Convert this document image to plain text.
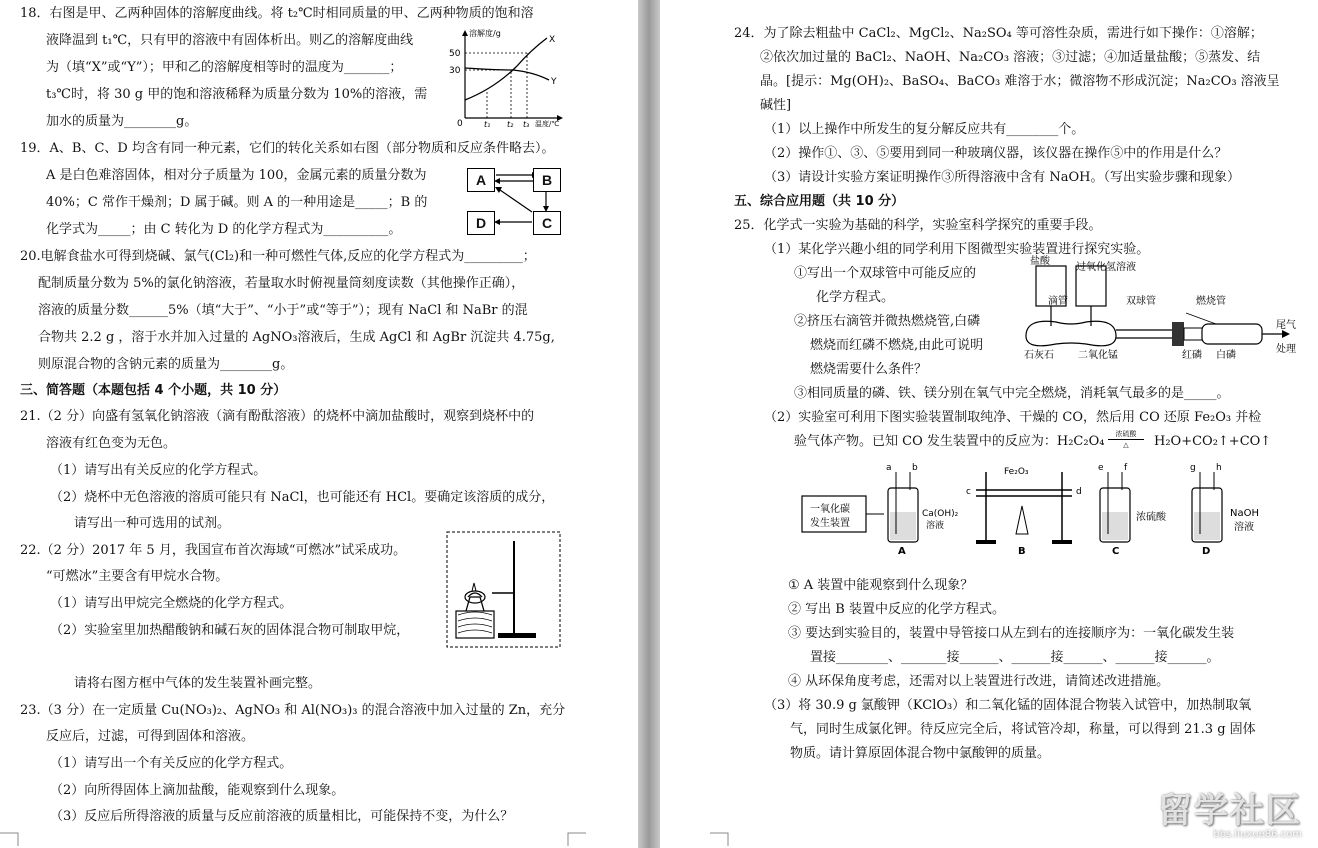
18．右图是甲、乙两种固体的溶解度曲线。将 t₂℃时相同质量的甲、乙两种物质的饱和溶
液降温到 t₁℃，只有甲的溶液中有固体析出。则乙的溶解度曲线
为（填“X”或“Y”）；甲和乙的溶解度相等时的温度为_______；
t₃℃时，将 30 g 甲的饱和溶液稀释为质量分数为 10%的溶液，需
加水的质量为________g。
溶解度/g
50
30
0	t₁ t₂ t₃ 温度/℃
X
Y
19．A、B、C、D 均含有同一种元素，它们的转化关系如右图（部分物质和反应条件略去）。
A 是白色难溶固体，相对分子质量为 100，金属元素的质量分数为
40%；C 常作干燥剂；D 属于碱。则 A 的一种用途是_____；B 的
化学式为_____；由 C 转化为 D 的化学方程式为__________。
A	B
D	C
20.电解食盐水可得到烧碱、氯气(Cl₂)和一种可燃性气体,反应的化学方程式为_________；
配制质量分数为 5%的氯化钠溶液，若量取水时俯视量筒刻度读数（其他操作正确），
溶液的质量分数______5%（填“大于”、“小于”或“等于”）；现有 NaCl 和 NaBr 的混
合物共 2.2 g ，溶于水并加入过量的 AgNO₃溶液后，生成 AgCl 和 AgBr 沉淀共 4.75g,
则原混合物的含钠元素的质量为________g。
三、简答题（本题包括 4 个小题，共 10 分）
21.（2 分）向盛有氢氧化钠溶液（滴有酚酞溶液）的烧杯中滴加盐酸时，观察到烧杯中的
溶液有红色变为无色。
（1）请写出有关反应的化学方程式。
（2）烧杯中无色溶液的溶质可能只有 NaCl，也可能还有 HCl。要确定该溶质的成分，
请写出一种可选用的试剂。
22.（2 分）2017 年 5 月，我国宣布首次海域“可燃冰”试采成功。
“可燃冰”主要含有甲烷水合物。
（1）请写出甲烷完全燃烧的化学方程式。
（2）实验室里加热醋酸钠和碱石灰的固体混合物可制取甲烷，
请将右图方框中气体的发生装置补画完整。
23.（3 分）在一定质量 Cu(NO₃)₂、AgNO₃ 和 Al(NO₃)₃ 的混合溶液中加入过量的 Zn，充分
反应后，过滤，可得到固体和溶液。
（1）请写出一个有关反应的化学方程式。
（2）向所得固体上滴加盐酸，能观察到什么现象。
（3）反应后所得溶液的质量与反应前溶液的质量相比，可能保持不变，为什么？
24．为了除去粗盐中 CaCl₂、MgCl₂、Na₂SO₄ 等可溶性杂质，需进行如下操作：①溶解；
②依次加过量的 BaCl₂、NaOH、Na₂CO₃ 溶液；③过滤；④加适量盐酸；⑤蒸发、结
晶。[提示：Mg(OH)₂、BaSO₄、BaCO₃ 难溶于水；微溶物不形成沉淀；Na₂CO₃ 溶液呈
碱性]
（1）以上操作中所发生的复分解反应共有________个。
（2）操作①、③、⑤要用到同一种玻璃仪器，该仪器在操作⑤中的作用是什么？
（3）请设计实验方案证明操作③所得溶液中含有 NaOH。（写出实验步骤和现象）
五、综合应用题（共 10 分）
25．化学式一实验为基础的科学，实验室科学探究的重要手段。
（1）某化学兴趣小组的同学利用下图微型实验装置进行探究实验。
①写出一个双球管中可能反应的
化学方程式。
②挤压右滴管并微热燃烧管,白磷
燃烧而红磷不燃烧,由此可说明
燃烧需要什么条件？
③相同质量的磷、铁、镁分别在氧气中完全燃烧，消耗氧气最多的是_____。
盐酸
过氧化氢溶液
滴管	双球管	燃烧管
尾气
处理
石灰石 二氧化锰	红磷 白磷
（2）实验室可利用下图实验装置制取纯净、干燥的 CO，然后用 CO 还原 Fe₂O₃ 并检
验气体产物。已知 CO 发生装置中的反应为：H₂C₂O₄	浓硫酸
△	H₂O+CO₂↑+CO↑
一氧化碳
发生装置
a b
Ca(OH)₂
溶液
A
Fe₂O₃
c	d
B
e f
浓硫酸
C
g h
NaOH
溶液
D
① A 装置中能观察到什么现象？
② 写出 B 装置中反应的化学方程式。
③ 要达到实验目的，装置中导管接口从左到右的连接顺序为：一氧化碳发生装
置接________、_______接______、______接______、______接______。
④ 从环保角度考虑，还需对以上装置进行改进，请简述改进措施。
（3）将 30.9 g 氯酸钾（KClO₃）和二氧化锰的固体混合物装入试管中，加热制取氧
气，同时生成氯化钾。待反应完全后，将试管冷却，称量，可以得到 21.3 g 固体
物质。请计算原固体混合物中氯酸钾的质量。
留学社区
bbs.liuxue86.com
